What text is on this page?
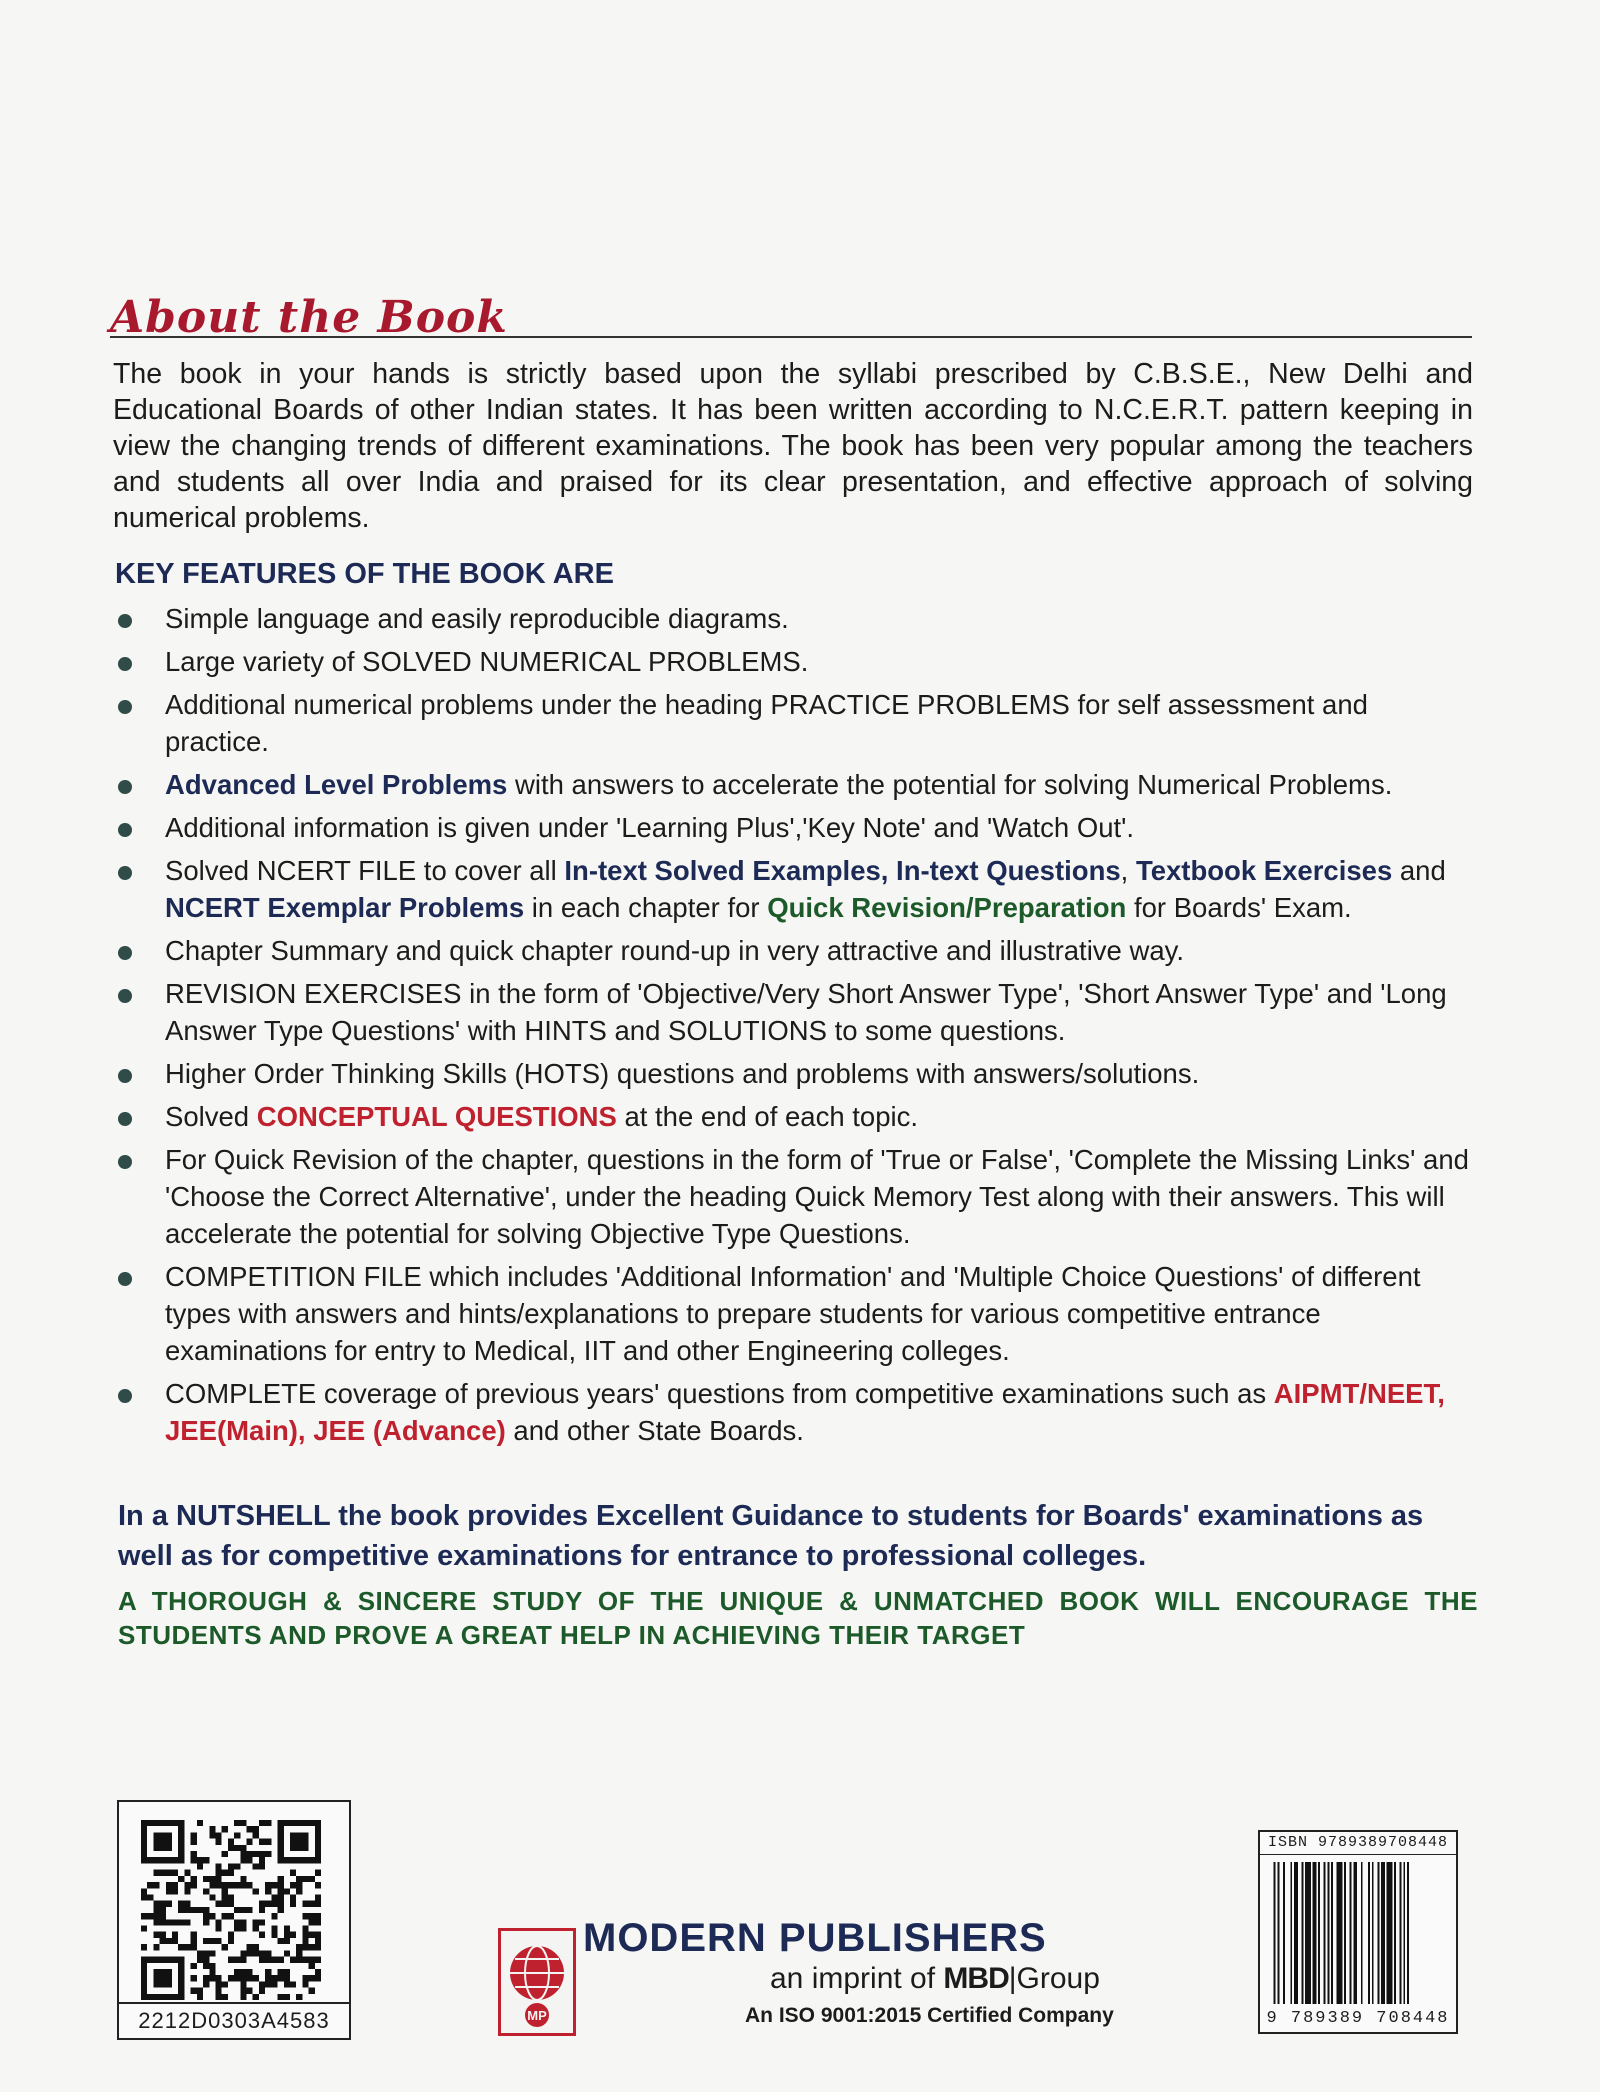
About the Book

The book in your hands is strictly based upon the syllabi prescribed by C.B.S.E., New Delhi and Educational Boards of other Indian states. It has been written according to N.C.E.R.T. pattern keeping in view the changing trends of different examinations. The book has been very popular among the teachers and students all over India and praised for its clear presentation, and effective approach of solving numerical problems.

KEY FEATURES OF THE BOOK ARE

Simple language and easily reproducible diagrams.
Large variety of SOLVED NUMERICAL PROBLEMS.
Additional numerical problems under the heading PRACTICE PROBLEMS for self assessment and practice.
Advanced Level Problems with answers to accelerate the potential for solving Numerical Problems.
Additional information is given under 'Learning Plus','Key Note' and 'Watch Out'.
Solved NCERT FILE to cover all In-text Solved Examples, In-text Questions, Textbook Exercises and NCERT Exemplar Problems in each chapter for Quick Revision/Preparation for Boards' Exam.
Chapter Summary and quick chapter round-up in very attractive and illustrative way.
REVISION EXERCISES in the form of 'Objective/Very Short Answer Type', 'Short Answer Type' and 'Long Answer Type Questions' with HINTS and SOLUTIONS to some questions.
Higher Order Thinking Skills (HOTS) questions and problems with answers/solutions.
Solved CONCEPTUAL QUESTIONS at the end of each topic.
For Quick Revision of the chapter, questions in the form of 'True or False', 'Complete the Missing Links' and 'Choose the Correct Alternative', under the heading Quick Memory Test along with their answers. This will accelerate the potential for solving Objective Type Questions.
COMPETITION FILE which includes 'Additional Information' and 'Multiple Choice Questions' of different types with answers and hints/explanations to prepare students for various competitive entrance examinations for entry to Medical, IIT and other Engineering colleges.
COMPLETE coverage of previous years' questions from competitive examinations such as AIPMT/NEET, JEE(Main), JEE (Advance) and other State Boards.

In a NUTSHELL the book provides Excellent Guidance to students for Boards' examinations as well as for competitive examinations for entrance to professional colleges.

A THOROUGH & SINCERE STUDY OF THE UNIQUE & UNMATCHED BOOK WILL ENCOURAGE THE STUDENTS AND PROVE A GREAT HELP IN ACHIEVING THEIR TARGET

2212D0303A4583	MP
MODERN PUBLISHERS
an imprint of MBD|Group
An ISO 9001:2015 Certified Company
ISBN 9789389708448
9 789389 708448
